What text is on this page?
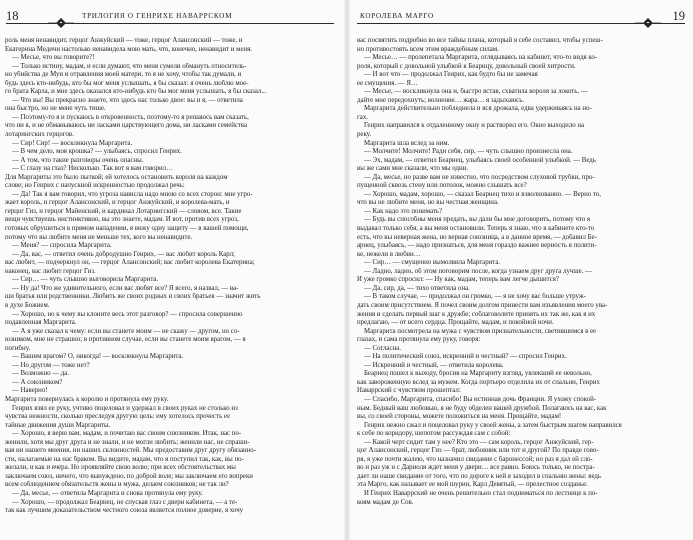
18	ТРИЛОГИЯ О ГЕНРИХЕ НАВАРРСКОМ
роль меня ненавидит, герцог Анжуйский — тоже, герцог Алансонский — тоже, и
Екатерина Медичи настолько ненавидела мою мать, что, конечно, ненавидит и меня.
— Месье, что вы говорите?!
— Только истину, мадам, и если думают, что меня сумели обмануть относитель-
но убийства де Муи и отравления моей матери, то я не хочу, чтобы так думали, и
будь здесь кто-нибудь, кто бы мог меня услышать, я бы сказал: я очень люблю мое-
го брата Карла, и мне здесь оказался кто-нибудь кто бы мог меня услышать, я бы сказал...
— Что вы! Вы прекрасно знаете, что здесь нас только двое: вы и я, — ответила
она быстро, но не мене чуть тише.
— Поэтому-то я и пускаюсь в откровенность, поэтому-то я решаюсь вам сказать,
что ни я, и не обманываюсь ни ласками царствующего дома, ни ласками семейства
лотарингских герцогов.
— Сир! Сир! — воскликнула Маргарита.
— В чем дело, моя крошка? — улыбаясь, спросил Генрих.
— А том, что такие разговоры очень опасны.
— С глазу на глаз? Нисколько. Так вот я вам говорил…
Для Маргариты это было пыткой; ей хотелось остановить короля на каждом
слове; но Генрих с напускной искренностью продолжал речь:
— Да! Так я вам говорил, что угроза нависла надо мною со всех сторон: мне угро-
жает король, и герцог Алансонский, и герцог Анжуйский, и королева-мать, и
герцог Гиз, и герцог Майенский, и кардинал Лотарингский — словом, все. Такие
вещи чувствуешь инстинктивно, вы это знаете, мадам. И вот, против всех угроз,
готовых обрушиться в прямом нападении, я вижу одну защиту — в вашей помощи,
потому что вы любите меня не меньше тех, кого вы ненавидите.
— Меня? — спросила Маргарита.
— Да, вас, — ответил очень добродушно Генрих, — вас любит король Карл;
вас любит, — подчеркнул он, — герцог Алансонский; вас любит королева Екатерина;
наконец, вас любит герцог Гиз.
— Сир… — чуть слышно выговорила Маргарита.
— Ну да! Что же удивительного, если вас любят все? Я всего, я назвал, — ва-
ши братья или родственники. Любить же своих родных и своих братьев — значит жить
в духе Божием.
— Хорошо, но к чему вы клоните весь этот разговор? — спросила совершенно
подавленная Маргарита.
— А я уже сказал к чему: если вы станете моим — не скажу — другом, но со-
юзником, мне не страшно; в противном случае, если вы станете моим врагом, — я
погибну.
— Вашим врагом? О, никогда! — воскликнула Маргарита.
— Но другом — тоже нет?
— Возможно — да.
— А союзником?
— Наверно!
Маргарита повернулась к королю и протянула ему руку.
Генрих взял ее руку, учтиво поцеловал и удержал в своих руках не столько из
чувства нежности, сколько преследуя другую цель: ему хотелось прочесть ее
тайные движения души Маргариты.
— Хорошо, я верю вам, мадам, и почитаю вас своим союзником. Итак, нас по-
женили, хотя мы друг друга и не знали, и не могли любить; женили нас, не спраши-
вая ни нашего мнения, ни наших склонностей. Мы предоставим друг другу обязанно-
сти, налагаемые на нас браком. Вы видите, мадам, что я поступил так, как, вы по-
желали, и как и вчера. Но проявляйте свою волю; при всех обстоятельствах мы
заключаем союз, ничего, что вынуждено, по доброй воле; мы заключаем его вопреки
всем соблюдением обязательств жены и мужа, делаем союзников; не так ли?
— Да, месье, — ответила Маргарита и снова протянула ему руку.
— Хорошо, — продолжал Беарнец, не спуская глаз с двери кабинета, — а те-
так как лучшим доказательством честного союза является полное доверие, я хочу
КОРОЛЕВА МАРГО	19
вас посвятить подробно во все тайны плана, который я себе составил, чтобы успеш-
но противостоять всем этим враждебным силам.
— Месье… — пролепетала Маргарита, оглядываясь на кабинет, что-то видя ко-
роля, который с довольной улыбкой к Беарнцу, довольный своей хитрости.
— И вот что — продолжал Генрих, как будто бы не замечая
ее смущения. — Я…
— Месье, — воскликнула она и, быстро встав, схватила короля за локоть, —
дайте мне передохнуть; волнение… жара… я задыхаюсь.
Маргарита действительно побледнела и вся дрожала, едва удерживаясь на но-
гах.
Генрих направился к отдаленному окну и растворил его. Окно выходило на
реку.
Маргарита шла вслед за ним.
— Молчите! Молчите! Ради себя, сир, — чуть слышно произнесла она.
— Эх, мадам, — ответил Беарнец, улыбаясь своей особенной улыбкой. — Ведь
вы же сами мне сказали, что мы одни.
— Да, месье, но разве вам не известно, что посредством слуховой трубки, про-
пущенной сквозь стену или потолок, можно слышать все?
— Хорошо, мадам, хорошо, — сказал Беарнец тихо и взволнованно. — Верно то,
что вы не любите меня, но вы честная женщина.
— Как надо это понимать?
— Будь вы способны меня предать, вы дали бы мне договорить, потому что я
выдавал только себя, а вы меня остановили. Теперь я знаю, что в кабинете кто-то
есть, что вы неверная жена, но верная союзница, а в данное время, — добавил Бе-
арнец, улыбаясь, — надо признаться, для меня гораздо важнее верность в полити-
ке, нежели в любви…
— Сир… — смущенно вымолвила Маргарита.
— Ладно, ладно, об этом поговорим после, когда узнаем друг друга лучше. —
И уже громко спросил: — Ну как, мадам, теперь вам легче дышится?
— Да, сир, да, — тихо ответила она.
— В таком случае, — продолжал он громко, — я не хочу вас больше утруж-
дать своим присутствием. Я почел своим долгом принести вам изъявления моего ува-
жения и сделать первый шаг к дружбе; соблаговолите принять их так же, как я их
предлагаю, — от всего сердца. Прощайте, мадам, и покойной ночи.
Маргарита посмотрела на мужа с чувством признательности, светившимся в ее
глазах, и сама протянула ему руку, говоря:
— Согласна.
— На политический союз, искренний и честный? — спросил Генрих.
— Искренний и честный, — ответила королева.
Беарнец пошел к выходу, бросив на Маргариту взгляд, увлекший ее невольно,
как завороженную вслед за мужем. Когда портьеро отделила их от спальни, Генрих
Наваррский с чувством прошептал:
— Спасибо, Маргарита, спасибо! Вы истинная дочь Франции. Я ухожу спокой-
ным. Бедный ваш любовью, я не буду обделен вашей дружбой. Полагаюсь на вас, как
вы, со своей стороны, можете положиться на меня. Прощайте, мадам!
Генрих нежно сжал и поцеловал руку у своей жены, а затем быстрым шагом направился
к себе по коридору, шепотом рассуждая сам с собой:
— Какой черт сидит там у нее? Кто это — сам король, герцог Анжуйский, гер-
цог Алансонский, герцог Гиз — брат, любовник или тот и другой? По правде гово-
ря, я уже почти жалею, что назначил свидание с баронессой; но раз я дал ей сло-
во и раз уж и с Дариоля ждет меня у двери… все равно. Боюсь только, не постра-
дает ли наше свидание от того, что по дороге к ней я заходил в спальню жены: ведь
эта Марго, как называет ее мой шурин, Карл Девятый, — прелестное созданье.
И Генрих Наваррский не очень решительно стал подниматься по лестнице к по-
коям мадам де Сов.
